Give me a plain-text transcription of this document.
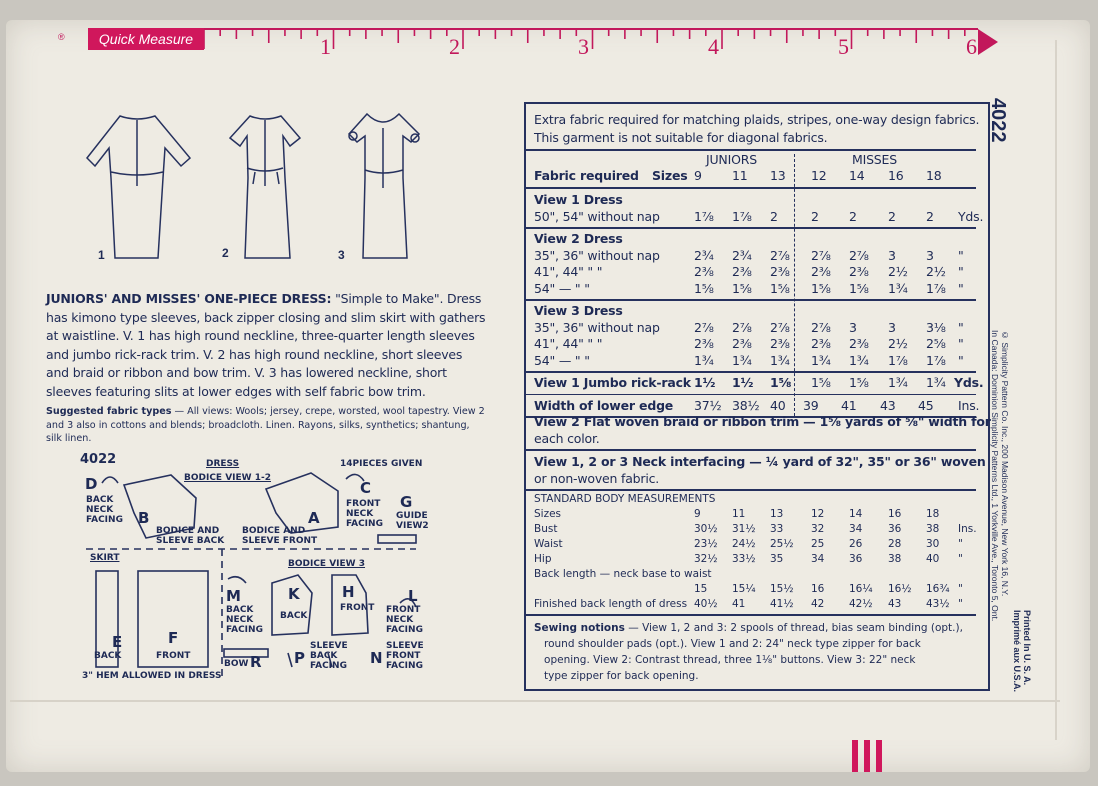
®	Quick Measure	1	2	3	4	5	6
1	2	3
JUNIORS' AND MISSES' ONE-PIECE DRESS: "Simple to Make". Dress has kimono type sleeves, back zipper closing and slim skirt with gathers at waistline. V. 1 has high round neckline, three-quarter length sleeves and jumbo rick-rack trim. V. 2 has high round neckline, short sleeves and braid or ribbon and bow trim. V. 3 has lowered neckline, short sleeves featuring slits at lower edges with self fabric bow trim.
Suggested fabric types — All views: Wools; jersey, crepe, worsted, wool tapestry. View 2 and 3 also in cottons and blends; broadcloth. Linen. Rayons, silks, synthetics; shantung, silk linen.
4022	DRESS
BODICE VIEW 1-2
14PIECES GIVEN
D
BACK
NECK
FACING B
BODICE AND
SLEEVE BACK
A
BODICE AND
SLEEVE FRONT
C
FRONT
NECK
FACING
G
GUIDE
VIEW2
SKIRT
BODICE VIEW 3
M
BACK
NECK
FACING
K
BACK
H
FRONT
L
FRONT
NECK
FACING
E
BACK
F
FRONT
BOW R P
SLEEVE
BACK
FACING N
SLEEVE
FRONT
FACING
3" HEM ALLOWED IN DRESS
Extra fabric required for matching plaids, stripes, one-way design fabrics.
This garment is not suitable for diagonal fabrics.
JUNIORS	MISSES
Fabric required Sizes 9 11 13 12 14 16 18
View 1 Dress
50", 54" without nap	1⅞ 1⅞ 2	2 2 2 2 Yds.
View 2 Dress
35", 36" without nap	2¾ 2¾ 2⅞ 2⅞ 2⅞ 3 3 "
41", 44" " "	2⅜ 2⅜ 2⅜ 2⅜ 2⅜ 2½ 2½ "
54" — " "	1⅝ 1⅝ 1⅝ 1⅝ 1⅝ 1¾ 1⅞ "
View 3 Dress
35", 36" without nap	2⅞ 2⅞ 2⅞ 2⅞ 3 3 3⅛ "
41", 44" " "	2⅜ 2⅜ 2⅜ 2⅜ 2⅜ 2½ 2⅝ "
54" — " "	1¾ 1¾ 1¾ 1¾ 1¾ 1⅞ 1⅞ "
View 1 Jumbo rick-rack 1½ 1½ 1⅝ 1⅝ 1⅝ 1¾ 1¾ Yds.
Width of lower edge 37½ 38½ 40 39 41 43 45 Ins.
View 2 Flat woven braid or ribbon trim — 1⅝ yards of ⅝" width for
each color.
View 1, 2 or 3 Neck interfacing — ¼ yard of 32", 35" or 36" woven
or non-woven fabric.
STANDARD BODY MEASUREMENTS
Sizes	9	11 13	12 14 16 18
Bust	30½ 31½ 33	32 34 36 38 Ins.
Waist	23½ 24½ 25½ 25 26 28 30 "
Hip	32½ 33½ 35	34 36 38 40 "
Back length — neck base to waist
15 15¼ 15½ 16 16¼ 16½ 16¾ "
Finished back length of dress 40½ 41 41½ 42 42½ 43 43½ "
Sewing notions — View 1, 2 and 3: 2 spools of thread, bias seam binding (opt.),
round shoulder pads (opt.). View 1 and 2: 24" neck type zipper for back
opening. View 2: Contrast thread, three 1⅛" buttons. View 3: 22" neck
type zipper for back opening.
4022
© Simplicity Pattern Co. Inc., 200 Madison Avenue, New York 16, N.Y.
In Canada: Dominion Simplicity Patterns Ltd., 1 Yorkville Ave., Toronto 5, Ont.
Printed In U. S. A.
Imprimé aux U.S.A.
